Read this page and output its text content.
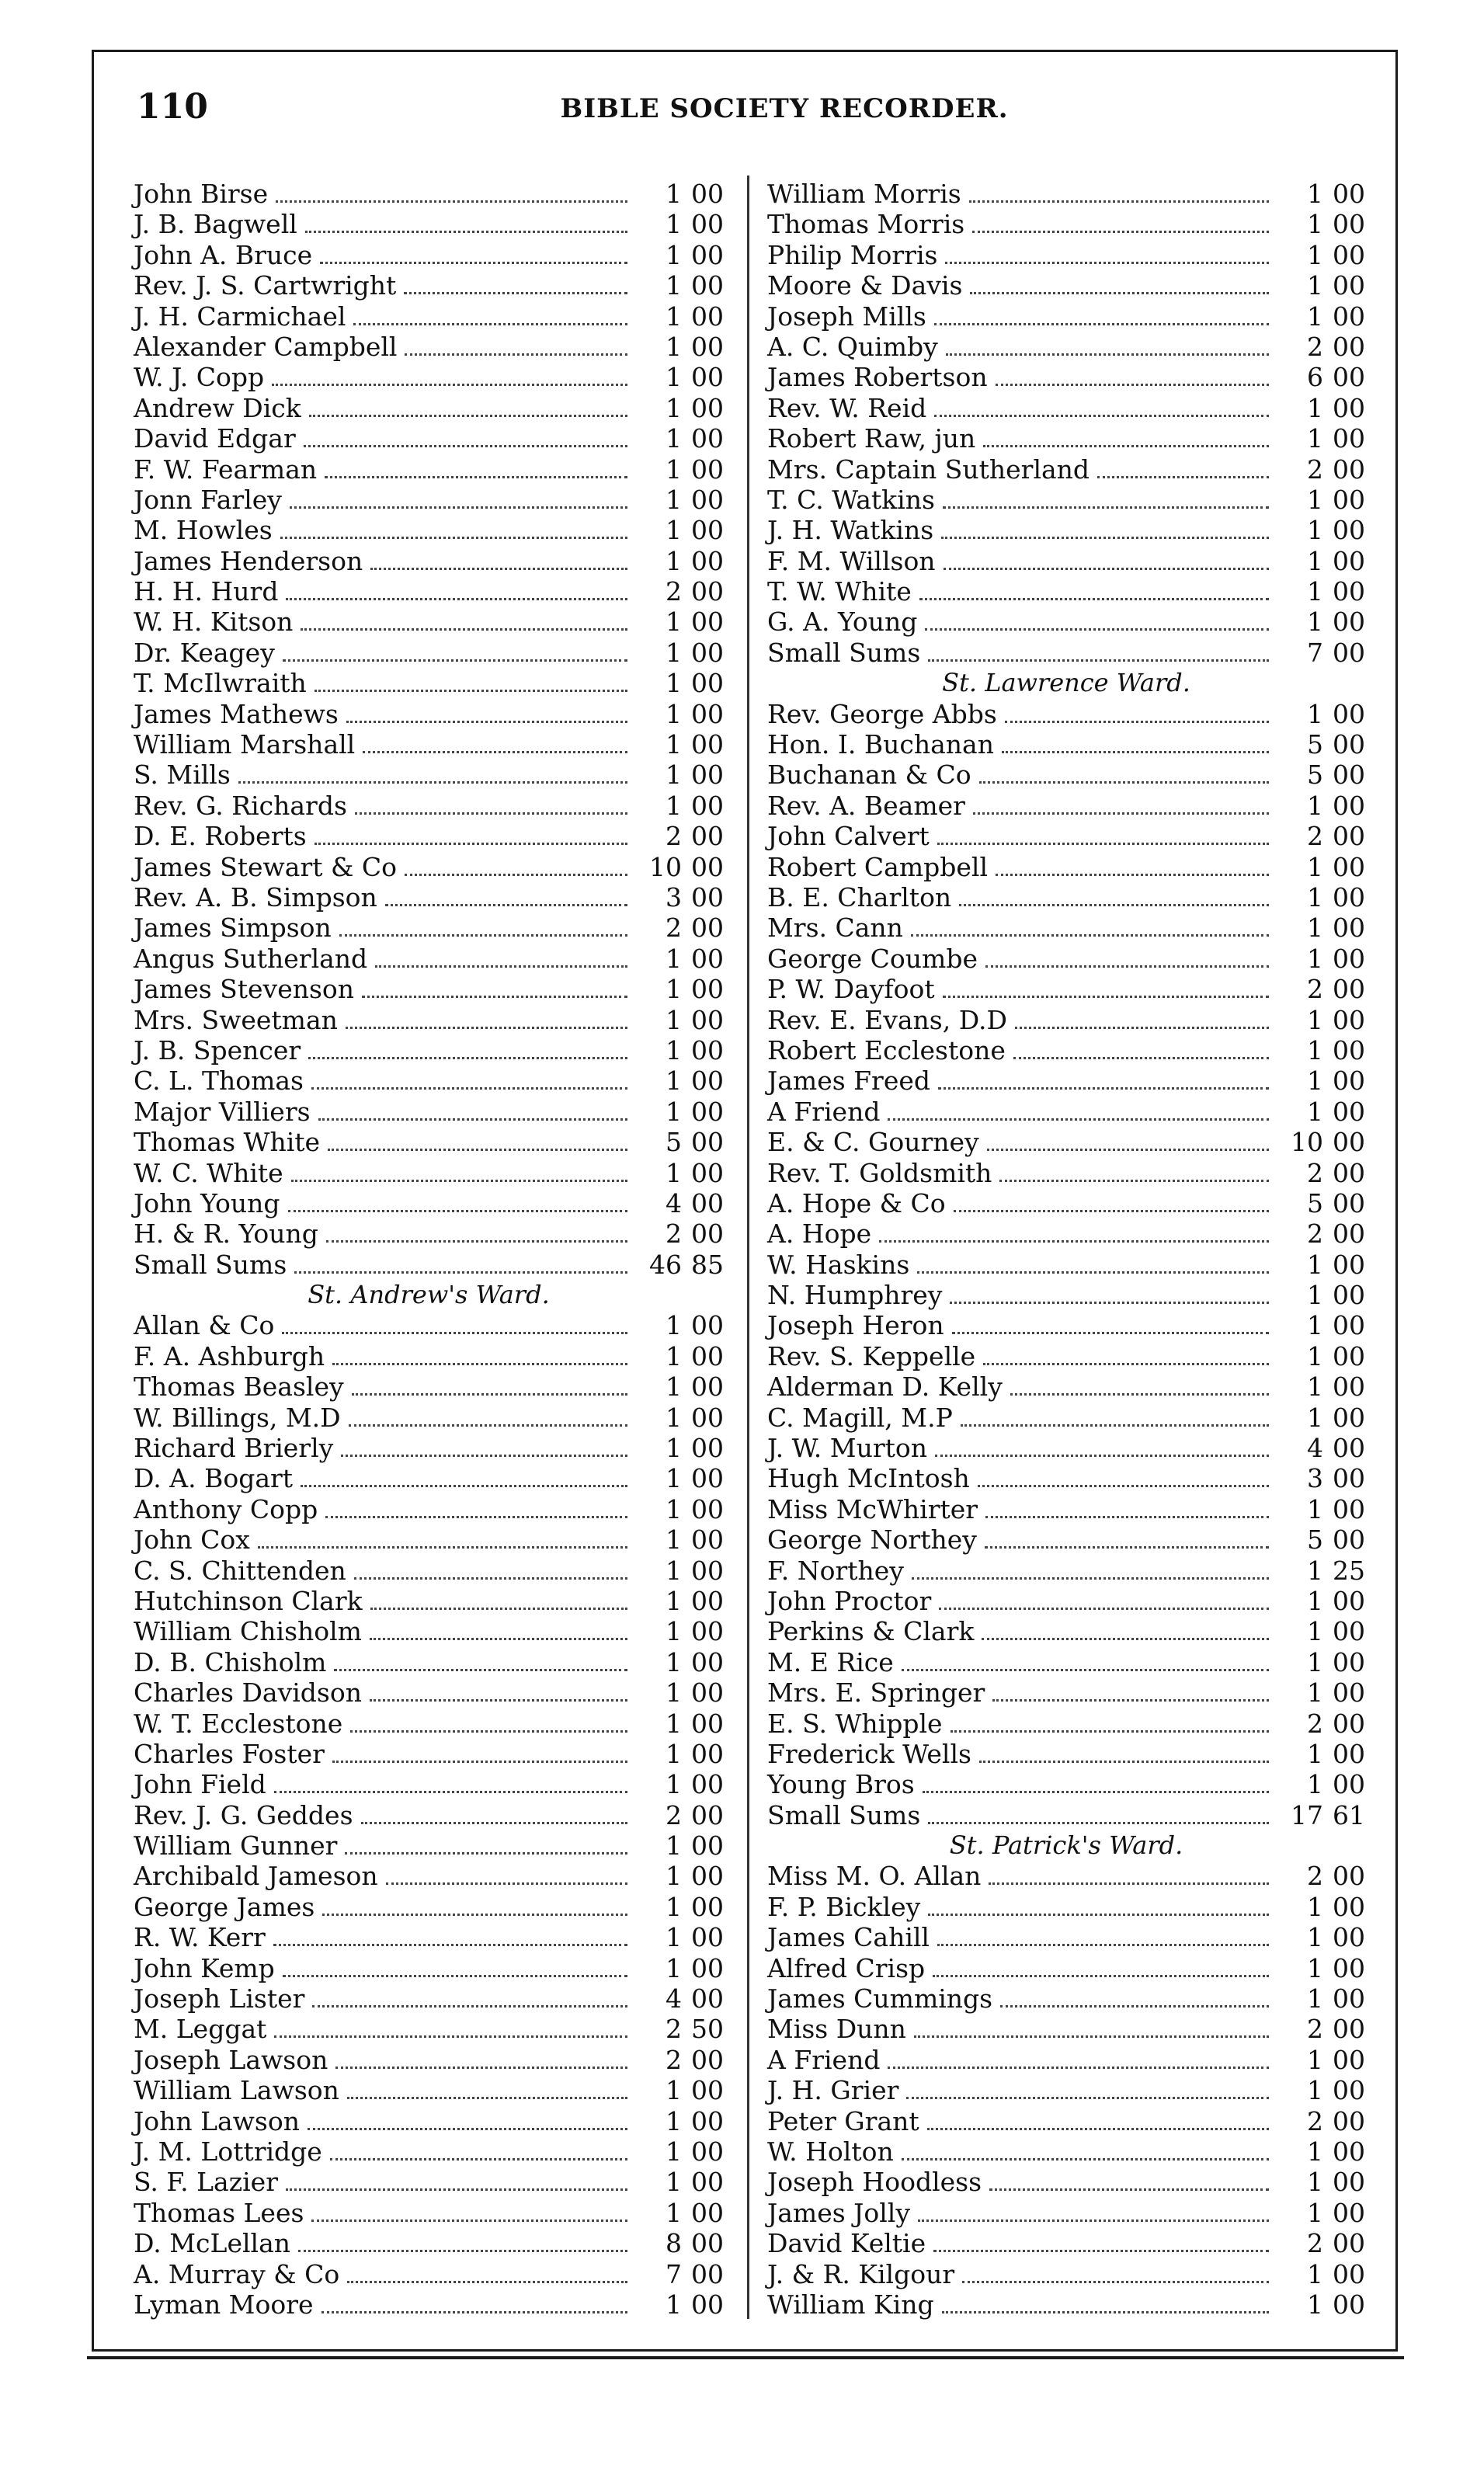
110	BIBLE SOCIETY RECORDER.
John Birse	1 00
J. B. Bagwell	1 00
John A. Bruce	1 00
Rev. J. S. Cartwright	1 00
J. H. Carmichael	1 00
Alexander Campbell	1 00
W. J. Copp	1 00
Andrew Dick	1 00
David Edgar	1 00
F. W. Fearman	1 00
Jonn Farley	1 00
M. Howles	1 00
James Henderson	1 00
H. H. Hurd	2 00
W. H. Kitson	1 00
Dr. Keagey	1 00
T. McIlwraith	1 00
James Mathews	1 00
William Marshall	1 00
S. Mills	1 00
Rev. G. Richards	1 00
D. E. Roberts	2 00
James Stewart & Co	10 00
Rev. A. B. Simpson	3 00
James Simpson	2 00
Angus Sutherland	1 00
James Stevenson	1 00
Mrs. Sweetman	1 00
J. B. Spencer	1 00
C. L. Thomas	1 00
Major Villiers	1 00
Thomas White	5 00
W. C. White	1 00
John Young	4 00
H. & R. Young	2 00
Small Sums	46 85
St. Andrew's Ward.
Allan & Co	1 00
F. A. Ashburgh	1 00
Thomas Beasley	1 00
W. Billings, M.D	1 00
Richard Brierly	1 00
D. A. Bogart	1 00
Anthony Copp	1 00
John Cox	1 00
C. S. Chittenden	1 00
Hutchinson Clark	1 00
William Chisholm	1 00
D. B. Chisholm	1 00
Charles Davidson	1 00
W. T. Ecclestone	1 00
Charles Foster	1 00
John Field	1 00
Rev. J. G. Geddes	2 00
William Gunner	1 00
Archibald Jameson	1 00
George James	1 00
R. W. Kerr	1 00
John Kemp	1 00
Joseph Lister	4 00
M. Leggat	2 50
Joseph Lawson	2 00
William Lawson	1 00
John Lawson	1 00
J. M. Lottridge	1 00
S. F. Lazier	1 00
Thomas Lees	1 00
D. McLellan	8 00
A. Murray & Co	7 00
Lyman Moore	1 00
William Morris	1 00
Thomas Morris	1 00
Philip Morris	1 00
Moore & Davis	1 00
Joseph Mills	1 00
A. C. Quimby	2 00
James Robertson	6 00
Rev. W. Reid	1 00
Robert Raw, jun	1 00
Mrs. Captain Sutherland	2 00
T. C. Watkins	1 00
J. H. Watkins	1 00
F. M. Willson	1 00
T. W. White	1 00
G. A. Young	1 00
Small Sums	7 00
St. Lawrence Ward.
Rev. George Abbs	1 00
Hon. I. Buchanan	5 00
Buchanan & Co	5 00
Rev. A. Beamer	1 00
John Calvert	2 00
Robert Campbell	1 00
B. E. Charlton	1 00
Mrs. Cann	1 00
George Coumbe	1 00
P. W. Dayfoot	2 00
Rev. E. Evans, D.D	1 00
Robert Ecclestone	1 00
James Freed	1 00
A Friend	1 00
E. & C. Gourney	10 00
Rev. T. Goldsmith	2 00
A. Hope & Co	5 00
A. Hope	2 00
W. Haskins	1 00
N. Humphrey	1 00
Joseph Heron	1 00
Rev. S. Keppelle	1 00
Alderman D. Kelly	1 00
C. Magill, M.P	1 00
J. W. Murton	4 00
Hugh McIntosh	3 00
Miss McWhirter	1 00
George Northey	5 00
F. Northey	1 25
John Proctor	1 00
Perkins & Clark	1 00
M. E Rice	1 00
Mrs. E. Springer	1 00
E. S. Whipple	2 00
Frederick Wells	1 00
Young Bros	1 00
Small Sums	17 61
St. Patrick's Ward.
Miss M. O. Allan	2 00
F. P. Bickley	1 00
James Cahill	1 00
Alfred Crisp	1 00
James Cummings	1 00
Miss Dunn	2 00
A Friend	1 00
J. H. Grier	1 00
Peter Grant	2 00
W. Holton	1 00
Joseph Hoodless	1 00
James Jolly	1 00
David Keltie	2 00
J. & R. Kilgour	1 00
William King	1 00
